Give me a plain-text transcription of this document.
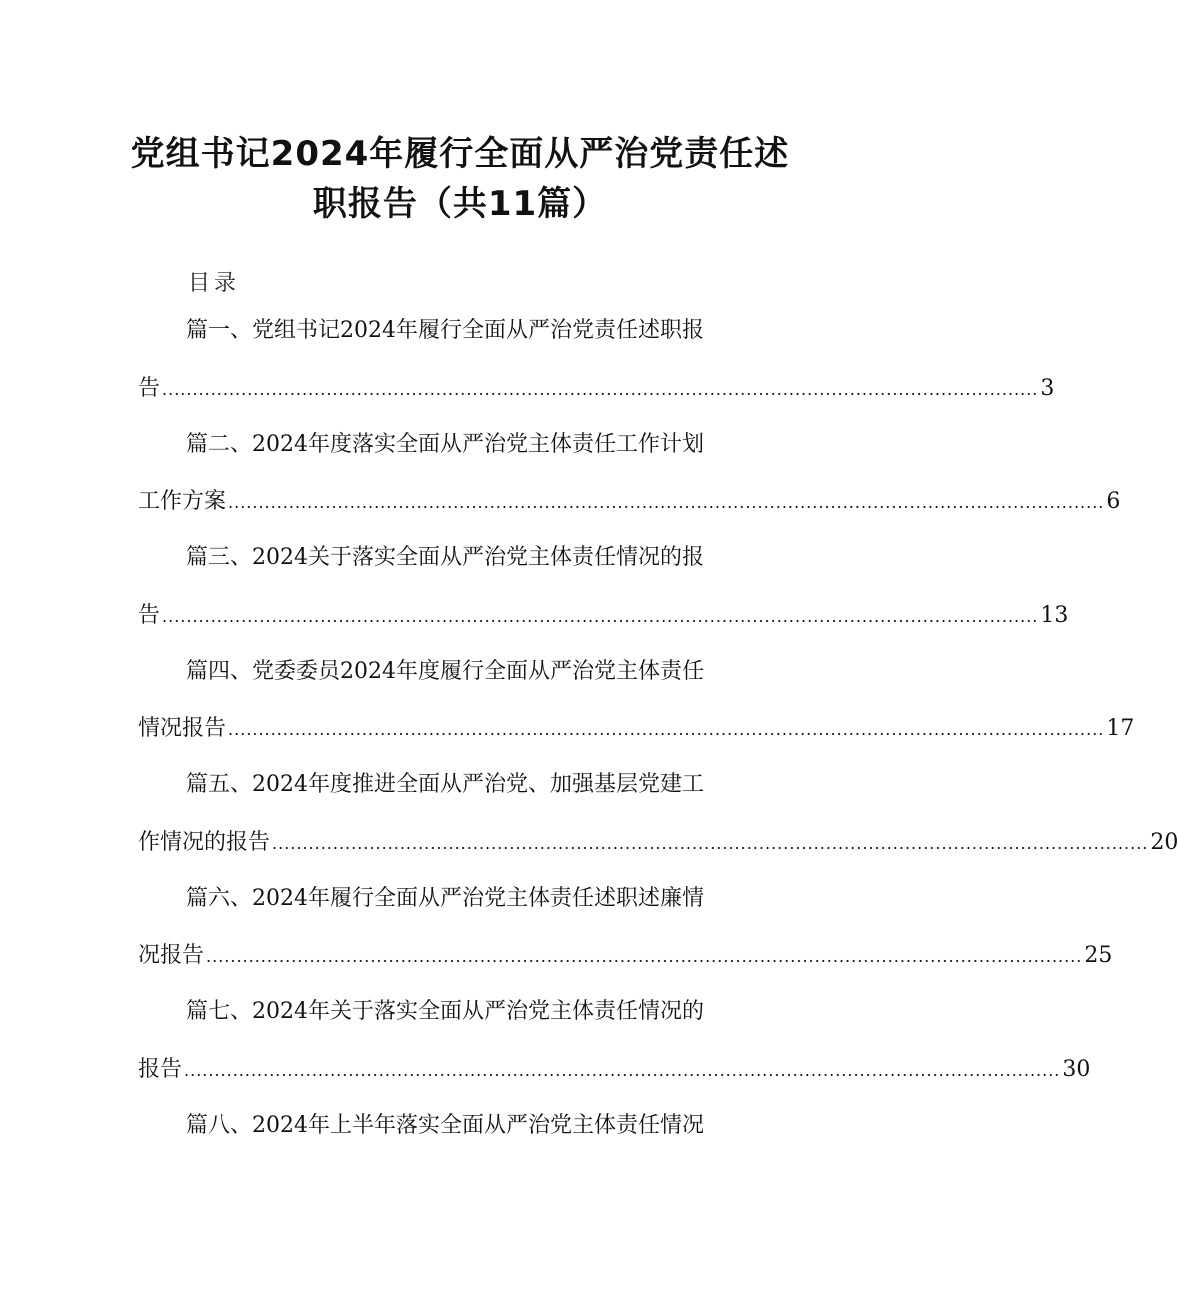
党组书记2024年履行全面从严治党责任述
职报告（共11篇）
目录
篇一、党组书记2024年履行全面从严治党责任述职报
告 ................................................................................................................................................ 3
篇二、2024年度落实全面从严治党主体责任工作计划
工作方案 ................................................................................................................................................ 6
篇三、2024关于落实全面从严治党主体责任情况的报
告 ................................................................................................................................................ 13
篇四、党委委员2024年度履行全面从严治党主体责任
情况报告 ................................................................................................................................................ 17
篇五、2024年度推进全面从严治党、加强基层党建工
作情况的报告 ................................................................................................................................................ 20
篇六、2024年履行全面从严治党主体责任述职述廉情
况报告 ................................................................................................................................................ 25
篇七、2024年关于落实全面从严治党主体责任情况的
报告 ................................................................................................................................................ 30
篇八、2024年上半年落实全面从严治党主体责任情况
